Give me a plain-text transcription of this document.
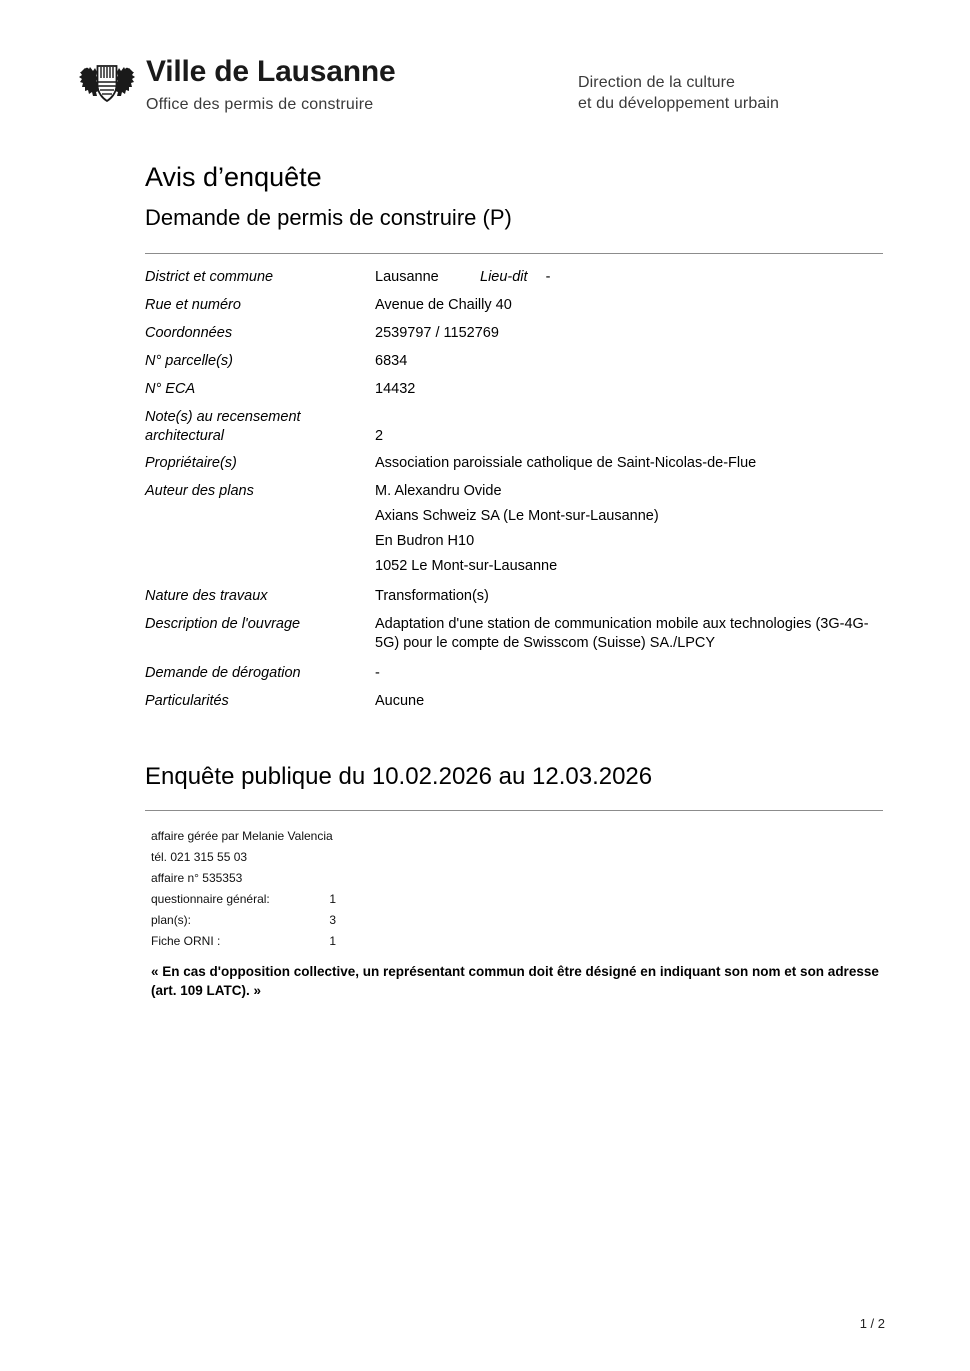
Ville de Lausanne
Office des permis de construire
Direction de la culture
et du développement urbain
Avis d’enquête
Demande de permis de construire (P)
District et commune	Lausanne	Lieu-dit -
Rue et numéro	Avenue de Chailly 40
Coordonnées	2539797 / 1152769
N° parcelle(s)	6834
N° ECA	14432
Note(s) au recensement
architectural	2
Propriétaire(s)	Association paroissiale catholique de Saint-Nicolas-de-Flue
Auteur des plans	M. Alexandru Ovide
Axians Schweiz SA (Le Mont-sur-Lausanne)
En Budron H10
1052 Le Mont-sur-Lausanne
Nature des travaux	Transformation(s)
Description de l'ouvrage	Adaptation d'une station de communication mobile aux technologies (3G-4G-5G) pour le compte de Swisscom (Suisse) SA./LPCY
Demande de dérogation	-
Particularités	Aucune
Enquête publique du 10.02.2026 au 12.03.2026
affaire gérée par Melanie Valencia
tél. 021 315 55 03
affaire n° 535353
questionnaire général:	1
plan(s):	3
Fiche ORNI :	1
« En cas d'opposition collective, un représentant commun doit être désigné en indiquant son nom et son adresse (art. 109 LATC). »
1 / 2
